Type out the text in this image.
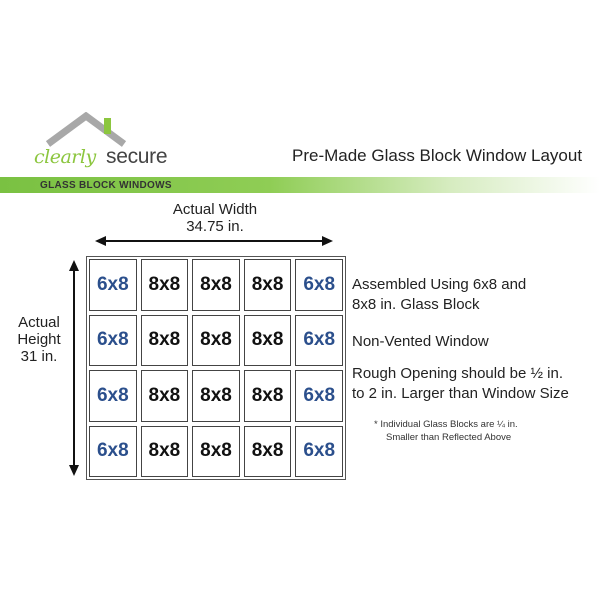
clearly secure	Pre-Made Glass Block Window Layout
GLASS BLOCK WINDOWS
Actual Width
34.75 in.
Actual
Height
31 in.
6x8	8x8	8x8	8x8	6x8
6x8	8x8	8x8	8x8	6x8
6x8	8x8	8x8	8x8	6x8
6x8	8x8	8x8	8x8	6x8
Assembled Using 6x8 and
8x8 in. Glass Block
Non-Vented Window
Rough Opening should be ½ in.
to 2 in. Larger than Window Size
* Individual Glass Blocks are ¼ in.
Smaller than Reflected Above
